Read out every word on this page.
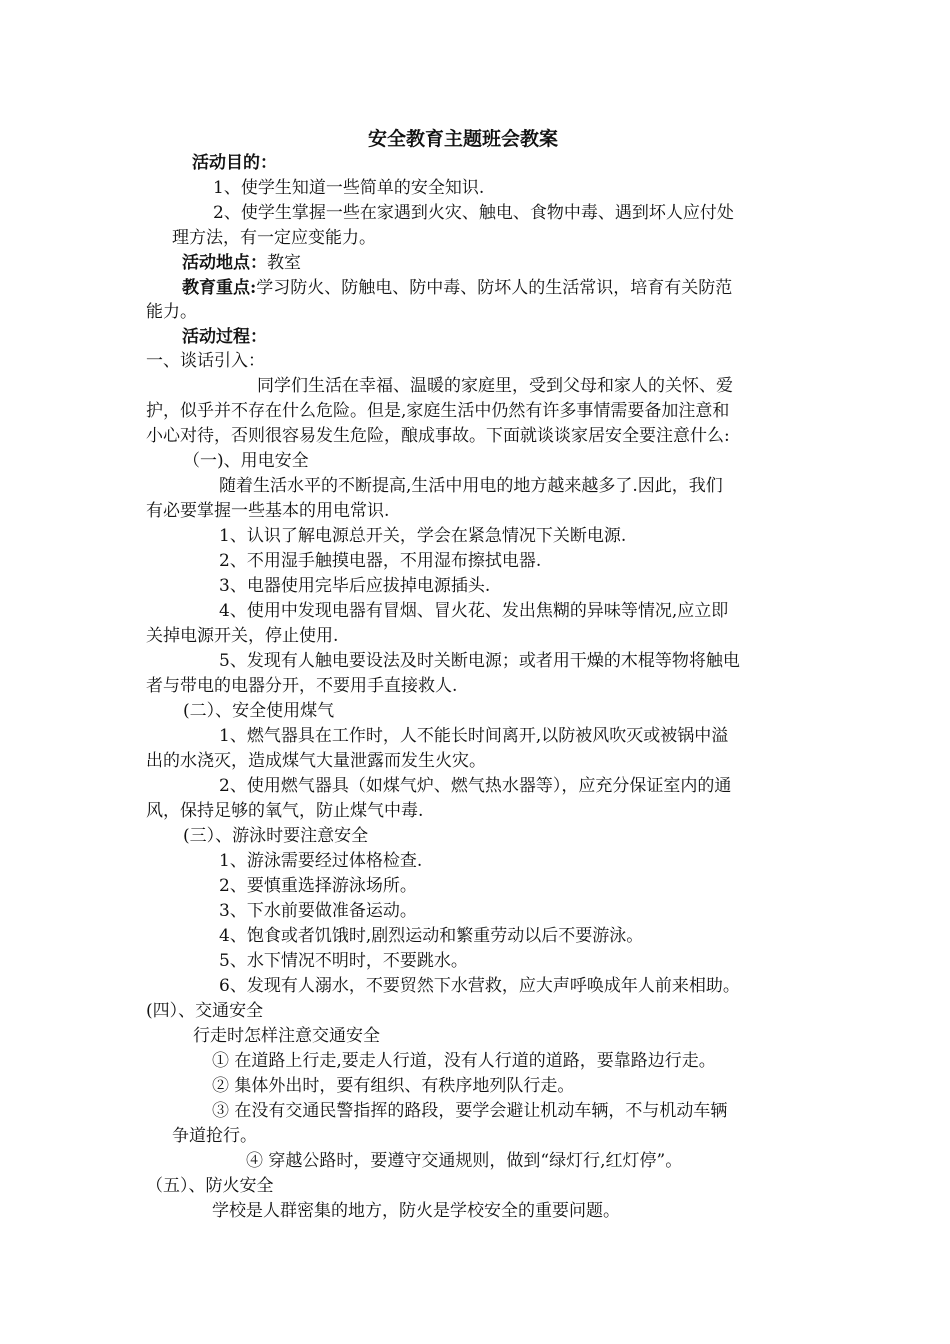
安全教育主题班会教案
活动目的：
1、使学生知道一些简单的安全知识.
2、使学生掌握一些在家遇到火灾、触电、食物中毒、遇到坏人应付处
理方法，有一定应变能力。
活动地点：教室
教育重点:学习防火、防触电、防中毒、防坏人的生活常识，培育有关防范
能力。
活动过程：
一、谈话引入：
同学们生活在幸福、温暖的家庭里，受到父母和家人的关怀、爱
护，似乎并不存在什么危险。但是,家庭生活中仍然有许多事情需要备加注意和
小心对待，否则很容易发生危险，酿成事故。下面就谈谈家居安全要注意什么:
（一)、用电安全
随着生活水平的不断提高,生活中用电的地方越来越多了.因此，我们
有必要掌握一些基本的用电常识.
1、认识了解电源总开关，学会在紧急情况下关断电源.
2、不用湿手触摸电器，不用湿布擦拭电器.
3、电器使用完毕后应拔掉电源插头.
4、使用中发现电器有冒烟、冒火花、发出焦糊的异味等情况,应立即
关掉电源开关，停止使用.
5、发现有人触电要设法及时关断电源；或者用干燥的木棍等物将触电
者与带电的电器分开，不要用手直接救人.
(二）、安全使用煤气
1、燃气器具在工作时，人不能长时间离开,以防被风吹灭或被锅中溢
出的水浇灭，造成煤气大量泄露而发生火灾。
2、使用燃气器具（如煤气炉、燃气热水器等），应充分保证室内的通
风，保持足够的氧气，防止煤气中毒.
(三）、游泳时要注意安全
1、游泳需要经过体格检查.
2、要慎重选择游泳场所。
3、下水前要做准备运动。
4、饱食或者饥饿时,剧烈运动和繁重劳动以后不要游泳。
5、水下情况不明时，不要跳水。
6、发现有人溺水，不要贸然下水营救，应大声呼唤成年人前来相助。
(四）、交通安全
行走时怎样注意交通安全
① 在道路上行走,要走人行道，没有人行道的道路，要靠路边行走。
② 集体外出时，要有组织、有秩序地列队行走。
③ 在没有交通民警指挥的路段，要学会避让机动车辆，不与机动车辆
争道抢行。
④ 穿越公路时，要遵守交通规则，做到“绿灯行,红灯停”。
（五）、防火安全
学校是人群密集的地方，防火是学校安全的重要问题。
